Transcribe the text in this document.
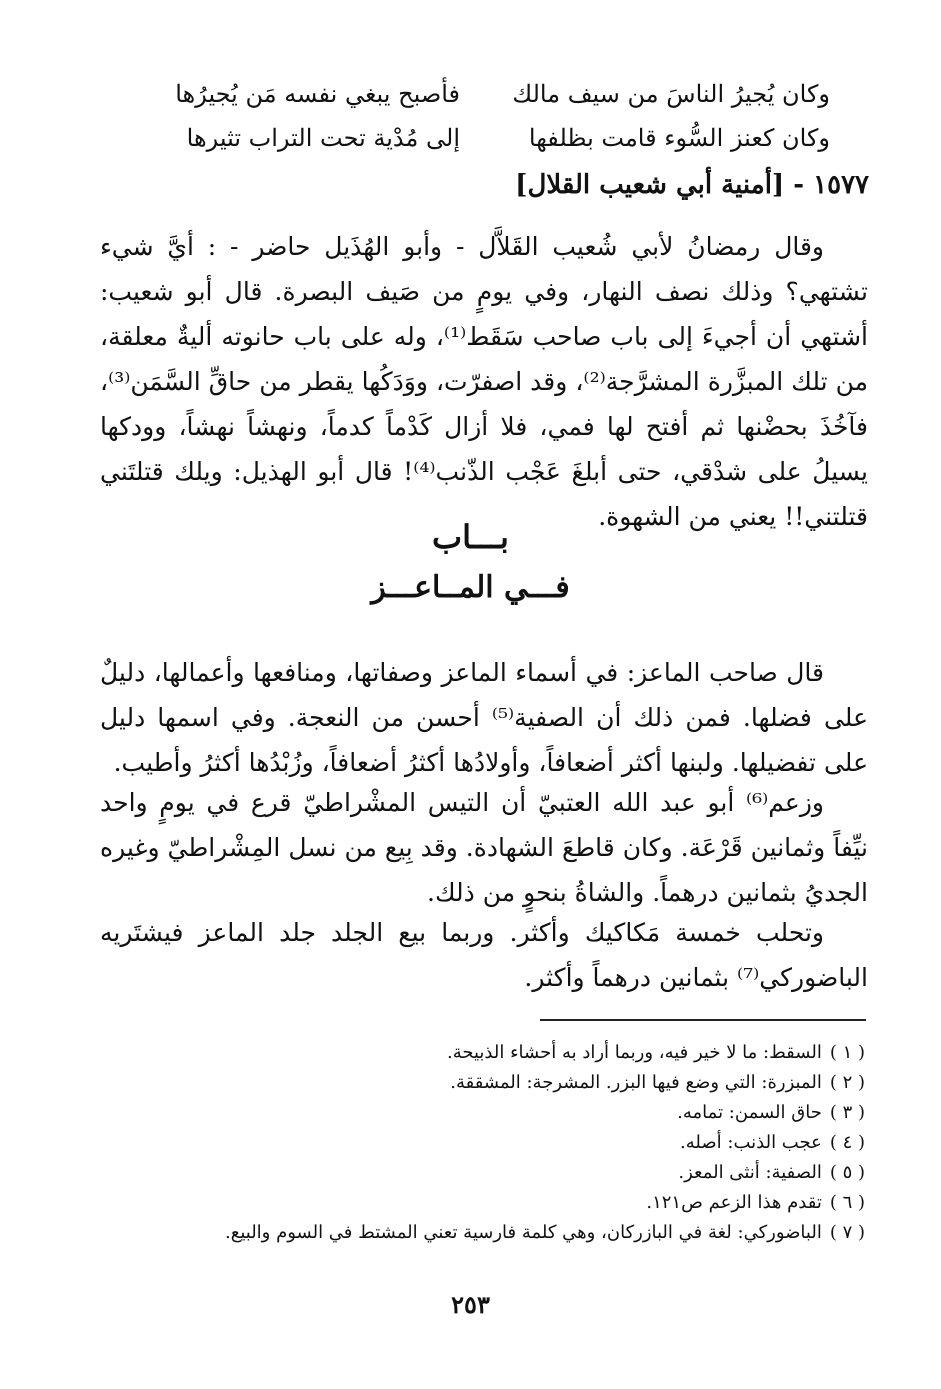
وكان يُجيرُ الناسَ من سيف مالك
فأصبح يبغي نفسه مَن يُجيرُها
وكان كعنز السُّوء قامت بظلفها
إلى مُدْية تحت التراب تثيرها
١٥٧٧ - [أمنية أبي شعيب القلال]

وقال رمضانُ لأبي شُعيب القَلاَّل - وأبو الهُذَيل حاضر - : أيَّ شيء تشتهي؟ وذلك نصف النهار، وفي يومٍ من صَيف البصرة. قال أبو شعيب: أشتهي أن أجيءَ إلى باب صاحب سَقَط⁽¹⁾، وله على باب حانوته أليةٌ معلقة، من تلك المبزَّرة المشرَّجة⁽²⁾، وقد اصفرّت، ووَدَكُها يقطر من حاقِّ السَّمَن⁽³⁾، فآخُذَ بحضْنها ثم أفتح لها فمي، فلا أزال كَدْماً كدماً، ونهشاً نهشاً، وودكها يسيلُ على شدْقي، حتى أبلغَ عَجْب الذّنب⁽⁴⁾! قال أبو الهذيل: ويلك قتلتَني قتلتني!! يعني من الشهوة.

بـــاب
فـــي المــاعـــز

قال صاحب الماعز: في أسماء الماعز وصفاتها، ومنافعها وأعمالها، دليلٌ على فضلها. فمن ذلك أن الصفية⁽⁵⁾ أحسن من النعجة. وفي اسمها دليل على تفضيلها. ولبنها أكثر أضعافاً، وأولادُها أكثرُ أضعافاً، وزُبْدُها أكثرُ وأطيب.

وزعم⁽⁶⁾ أبو عبد الله العتبيّ أن التيس المشْراطيّ قرع في يومٍ واحد نيِّفاً وثمانين قَرْعَة. وكان قاطعَ الشهادة. وقد بِيع من نسل المِشْراطيّ وغيره الجديُ بثمانين درهماً. والشاةُ بنحوٍ من ذلك.

وتحلب خمسة مَكاكيك وأكثر. وربما بيع الجلد جلد الماعز فيشتَريه الباضوركي⁽⁷⁾ بثمانين درهماً وأكثر.

( ١ )السقط: ما لا خير فيه، وربما أراد به أحشاء الذبيحة.
( ٢ )المبزرة: التي وضع فيها البزر. المشرجة: المشققة.
( ٣ )حاق السمن: تمامه.
( ٤ )عجب الذنب: أصله.
( ٥ )الصفية: أنثى المعز.
( ٦ )تقدم هذا الزعم ص١٢١.
( ٧ )الباضوركي: لغة في البازركان، وهي كلمة فارسية تعني المشتط في السوم والبيع.
٢٥٣
